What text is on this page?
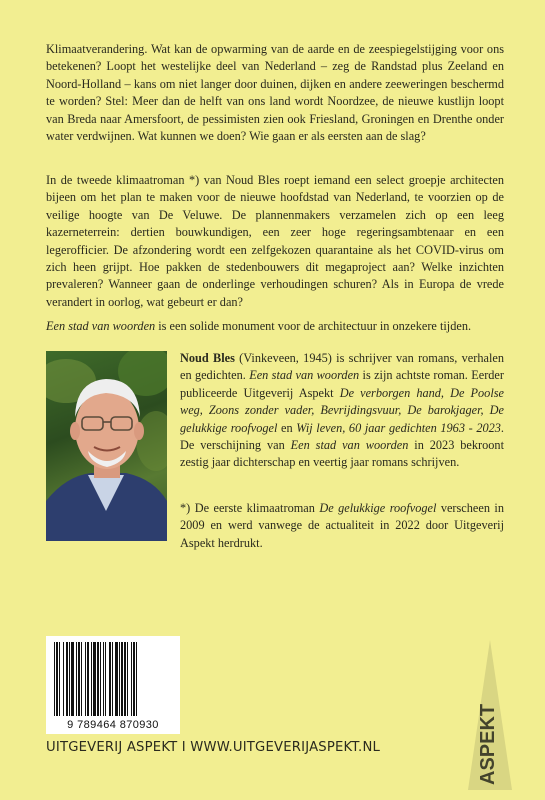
Klimaatverandering. Wat kan de opwarming van de aarde en de zeespiegelstijging voor ons betekenen? Loopt het westelijke deel van Nederland – zeg de Randstad plus Zeeland en Noord-Holland – kans om niet langer door duinen, dijken en andere zeeweringen beschermd te worden? Stel: Meer dan de helft van ons land wordt Noordzee, de nieuwe kustlijn loopt van Breda naar Amersfoort, de pessimisten zien ook Friesland, Groningen en Drenthe onder water verdwijnen. Wat kunnen we doen? Wie gaan er als eersten aan de slag?

In de tweede klimaatroman *) van Noud Bles roept iemand een select groepje architecten bijeen om het plan te maken voor de nieuwe hoofdstad van Nederland, te voorzien op de veilige hoogte van De Veluwe. De plannenmakers verzamelen zich op een leeg kazerneterrein: dertien bouwkundigen, een zeer hoge regeringsambtenaar en een legerofficier. De afzondering wordt een zelfgekozen quarantaine als het COVID-virus om zich heen grijpt. Hoe pakken de stedenbouwers dit megaproject aan? Welke inzichten prevaleren? Wanneer gaan de onderlinge verhoudingen schuren? Als in Europa de vrede verandert in oorlog, wat gebeurt er dan?

Een stad van woorden is een solide monument voor de architectuur in onzekere tijden.

Noud Bles (Vinkeveen, 1945) is schrijver van romans, verhalen en gedichten. Een stad van woorden is zijn achtste roman. Eerder publiceerde Uitgeverij Aspekt De verborgen hand, De Poolse weg, Zoons zonder vader, Bevrijdingsvuur, De barokjager, De gelukkige roofvogel en Wij leven, 60 jaar gedichten 1963 - 2023. De verschijning van Een stad van woorden in 2023 bekroont zestig jaar dichterschap en veertig jaar romans schrijven.

*) De eerste klimaatroman De gelukkige roofvogel verscheen in 2009 en werd vanwege de actualiteit in 2022 door Uitgeverij Aspekt herdrukt.

9 789464 870930
UITGEVERIJ ASPEKT I WWW.UITGEVERIJASPEKT.NL	ASPEKT
